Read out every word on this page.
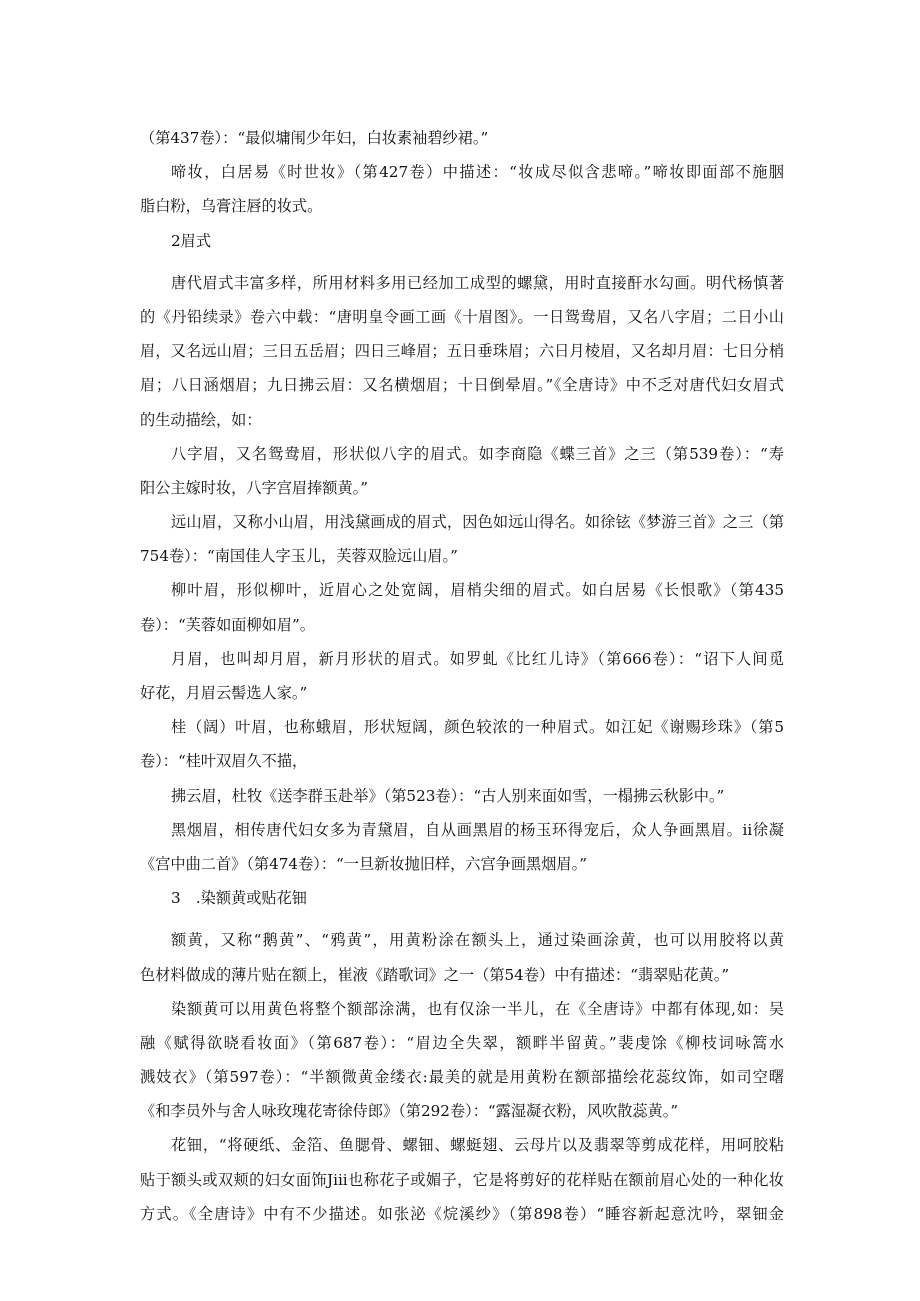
（第437卷）：“最似墉闱少年妇，白妆素袖碧纱裙。”
啼妆，白居易《时世妆》（第427卷）中描述：“妆成尽似含悲啼。”啼妆即面部不施胭
脂白粉，乌膏注唇的妆式。
2眉式
唐代眉式丰富多样，所用材料多用已经加工成型的螺黛，用时直接酐水勾画。明代杨慎著
的《丹铅续录》卷六中载：“唐明皇令画工画《十眉图》。一日鸳鸯眉，又名八字眉；二日小山
眉，又名远山眉；三日五岳眉；四日三峰眉；五日垂珠眉；六日月棱眉，又名却月眉：七日分梢
眉；八日涵烟眉；九日拂云眉：又名横烟眉；十日倒晕眉。”《全唐诗》中不乏对唐代妇女眉式
的生动描绘，如：
八字眉，又名鸳鸯眉，形状似八字的眉式。如李商隐《蝶三首》之三（第539卷）：“寿
阳公主嫁时妆，八字宫眉捧额黄。”
远山眉，又称小山眉，用浅黛画成的眉式，因色如远山得名。如徐铉《梦游三首》之三（第
754卷）：“南国佳人字玉儿，芙蓉双脸远山眉。”
柳叶眉，形似柳叶，近眉心之处宽阔，眉梢尖细的眉式。如白居易《长恨歌》（第435
卷）：“芙蓉如面柳如眉”。
月眉，也叫却月眉，新月形状的眉式。如罗虬《比红儿诗》（第666卷）：“诏下人间觅
好花，月眉云髻选人家。”
桂（阔）叶眉，也称蛾眉，形状短阔，颜色较浓的一种眉式。如江妃《谢赐珍珠》（第5
卷）：“桂叶双眉久不描，
拂云眉，杜牧《送李群玉赴举》（第523卷）：“古人别来面如雪，一榻拂云秋影中。”
黑烟眉，相传唐代妇女多为青黛眉，自从画黑眉的杨玉环得宠后，众人争画黑眉。ii徐凝
《宫中曲二首》（第474卷）：“一旦新妆抛旧样，六宫争画黑烟眉。”
3　.染额黄或贴花钿
额黄，又称“鹅黄”、“鸦黄”，用黄粉涂在额头上，通过染画涂黄，也可以用胶将以黄
色材料做成的薄片贴在额上，崔液《踏歌词》之一（第54卷）中有描述：“翡翠贴花黄。”
染额黄可以用黄色将整个额部涂满，也有仅涂一半儿，在《全唐诗》中都有体现,如：吴
融《赋得欲晓看妆面》（第687卷）：“眉边全失翠，额畔半留黄。”裴虔馀《柳枝词咏篙水
溅妓衣》（第597卷）：“半额微黄金缕衣:最美的就是用黄粉在额部描绘花蕊纹饰，如司空曙
《和李员外与舍人咏玫瑰花寄徐侍郎》（第292卷）：“露湿凝衣粉，风吹散蕊黄。”
花钿，“将硬纸、金箔、鱼腮骨、螺钿、螺蜓翅、云母片以及翡翠等剪成花样，用呵胶粘
贴于额头或双颊的妇女面饰Jiii也称花子或媚子，它是将剪好的花样贴在额前眉心处的一种化妆
方式。《全唐诗》中有不少描述。如张泌《烷溪纱》（第898卷）“睡容新起意沈吟，翠钿金
